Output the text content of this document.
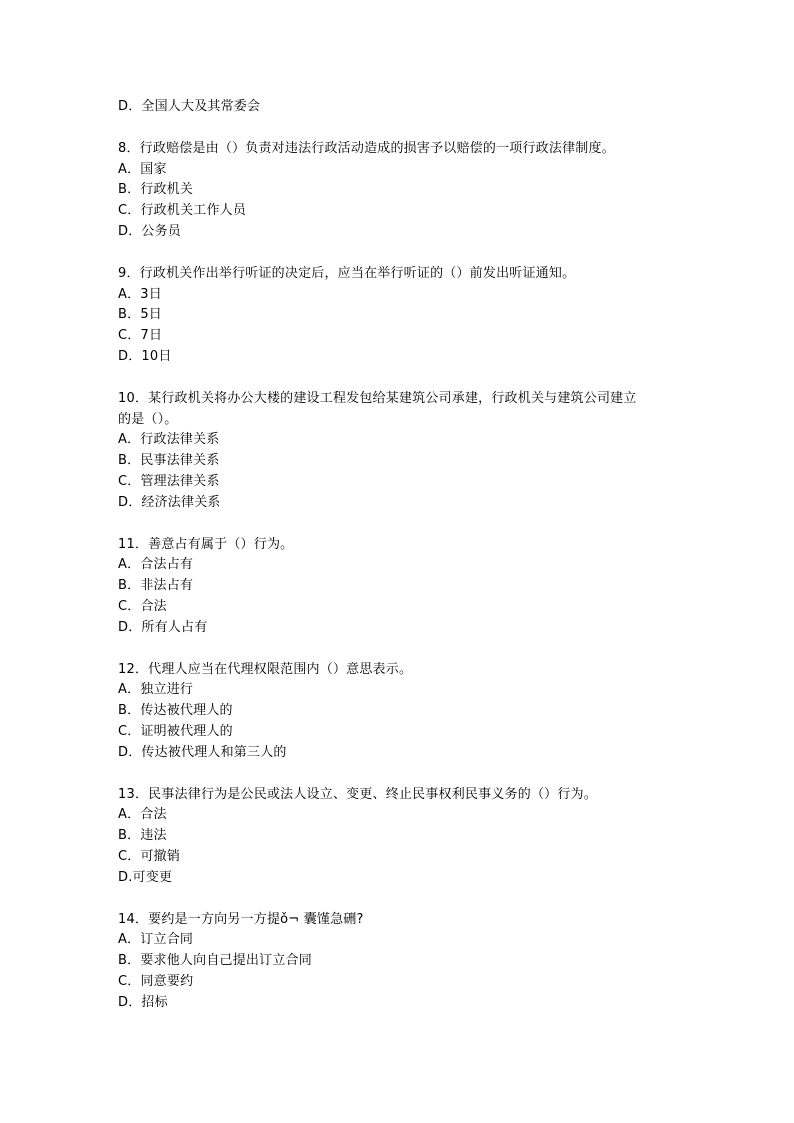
D．全国人大及其常委会
8．行政赔偿是由（）负责对违法行政活动造成的损害予以赔偿的一项行政法律制度。
A．国家
B．行政机关
C．行政机关工作人员
D．公务员
9．行政机关作出举行听证的决定后，应当在举行听证的（）前发出听证通知。
A．3日
B．5日
C．7日
D．10日
10．某行政机关将办公大楼的建设工程发包给某建筑公司承建，行政机关与建筑公司建立
的是（）。
A．行政法律关系
B．民事法律关系
C．管理法律关系
D．经济法律关系
11．善意占有属于（）行为。
A．合法占有
B．非法占有
C．合法
D．所有人占有
12．代理人应当在代理权限范围内（）意思表示。
A．独立进行
B．传达被代理人的
C．证明被代理人的
D．传达被代理人和第三人的
13．民事法律行为是公民或法人设立、变更、终止民事权利民事义务的（）行为。
A．合法
B．违法
C．可撤销
D.可变更
14．要约是一方向另一方提ǒ¬ 囊馑急硎?
A．订立合同
B．要求他人向自己提出订立合同
C．同意要约
D．招标
